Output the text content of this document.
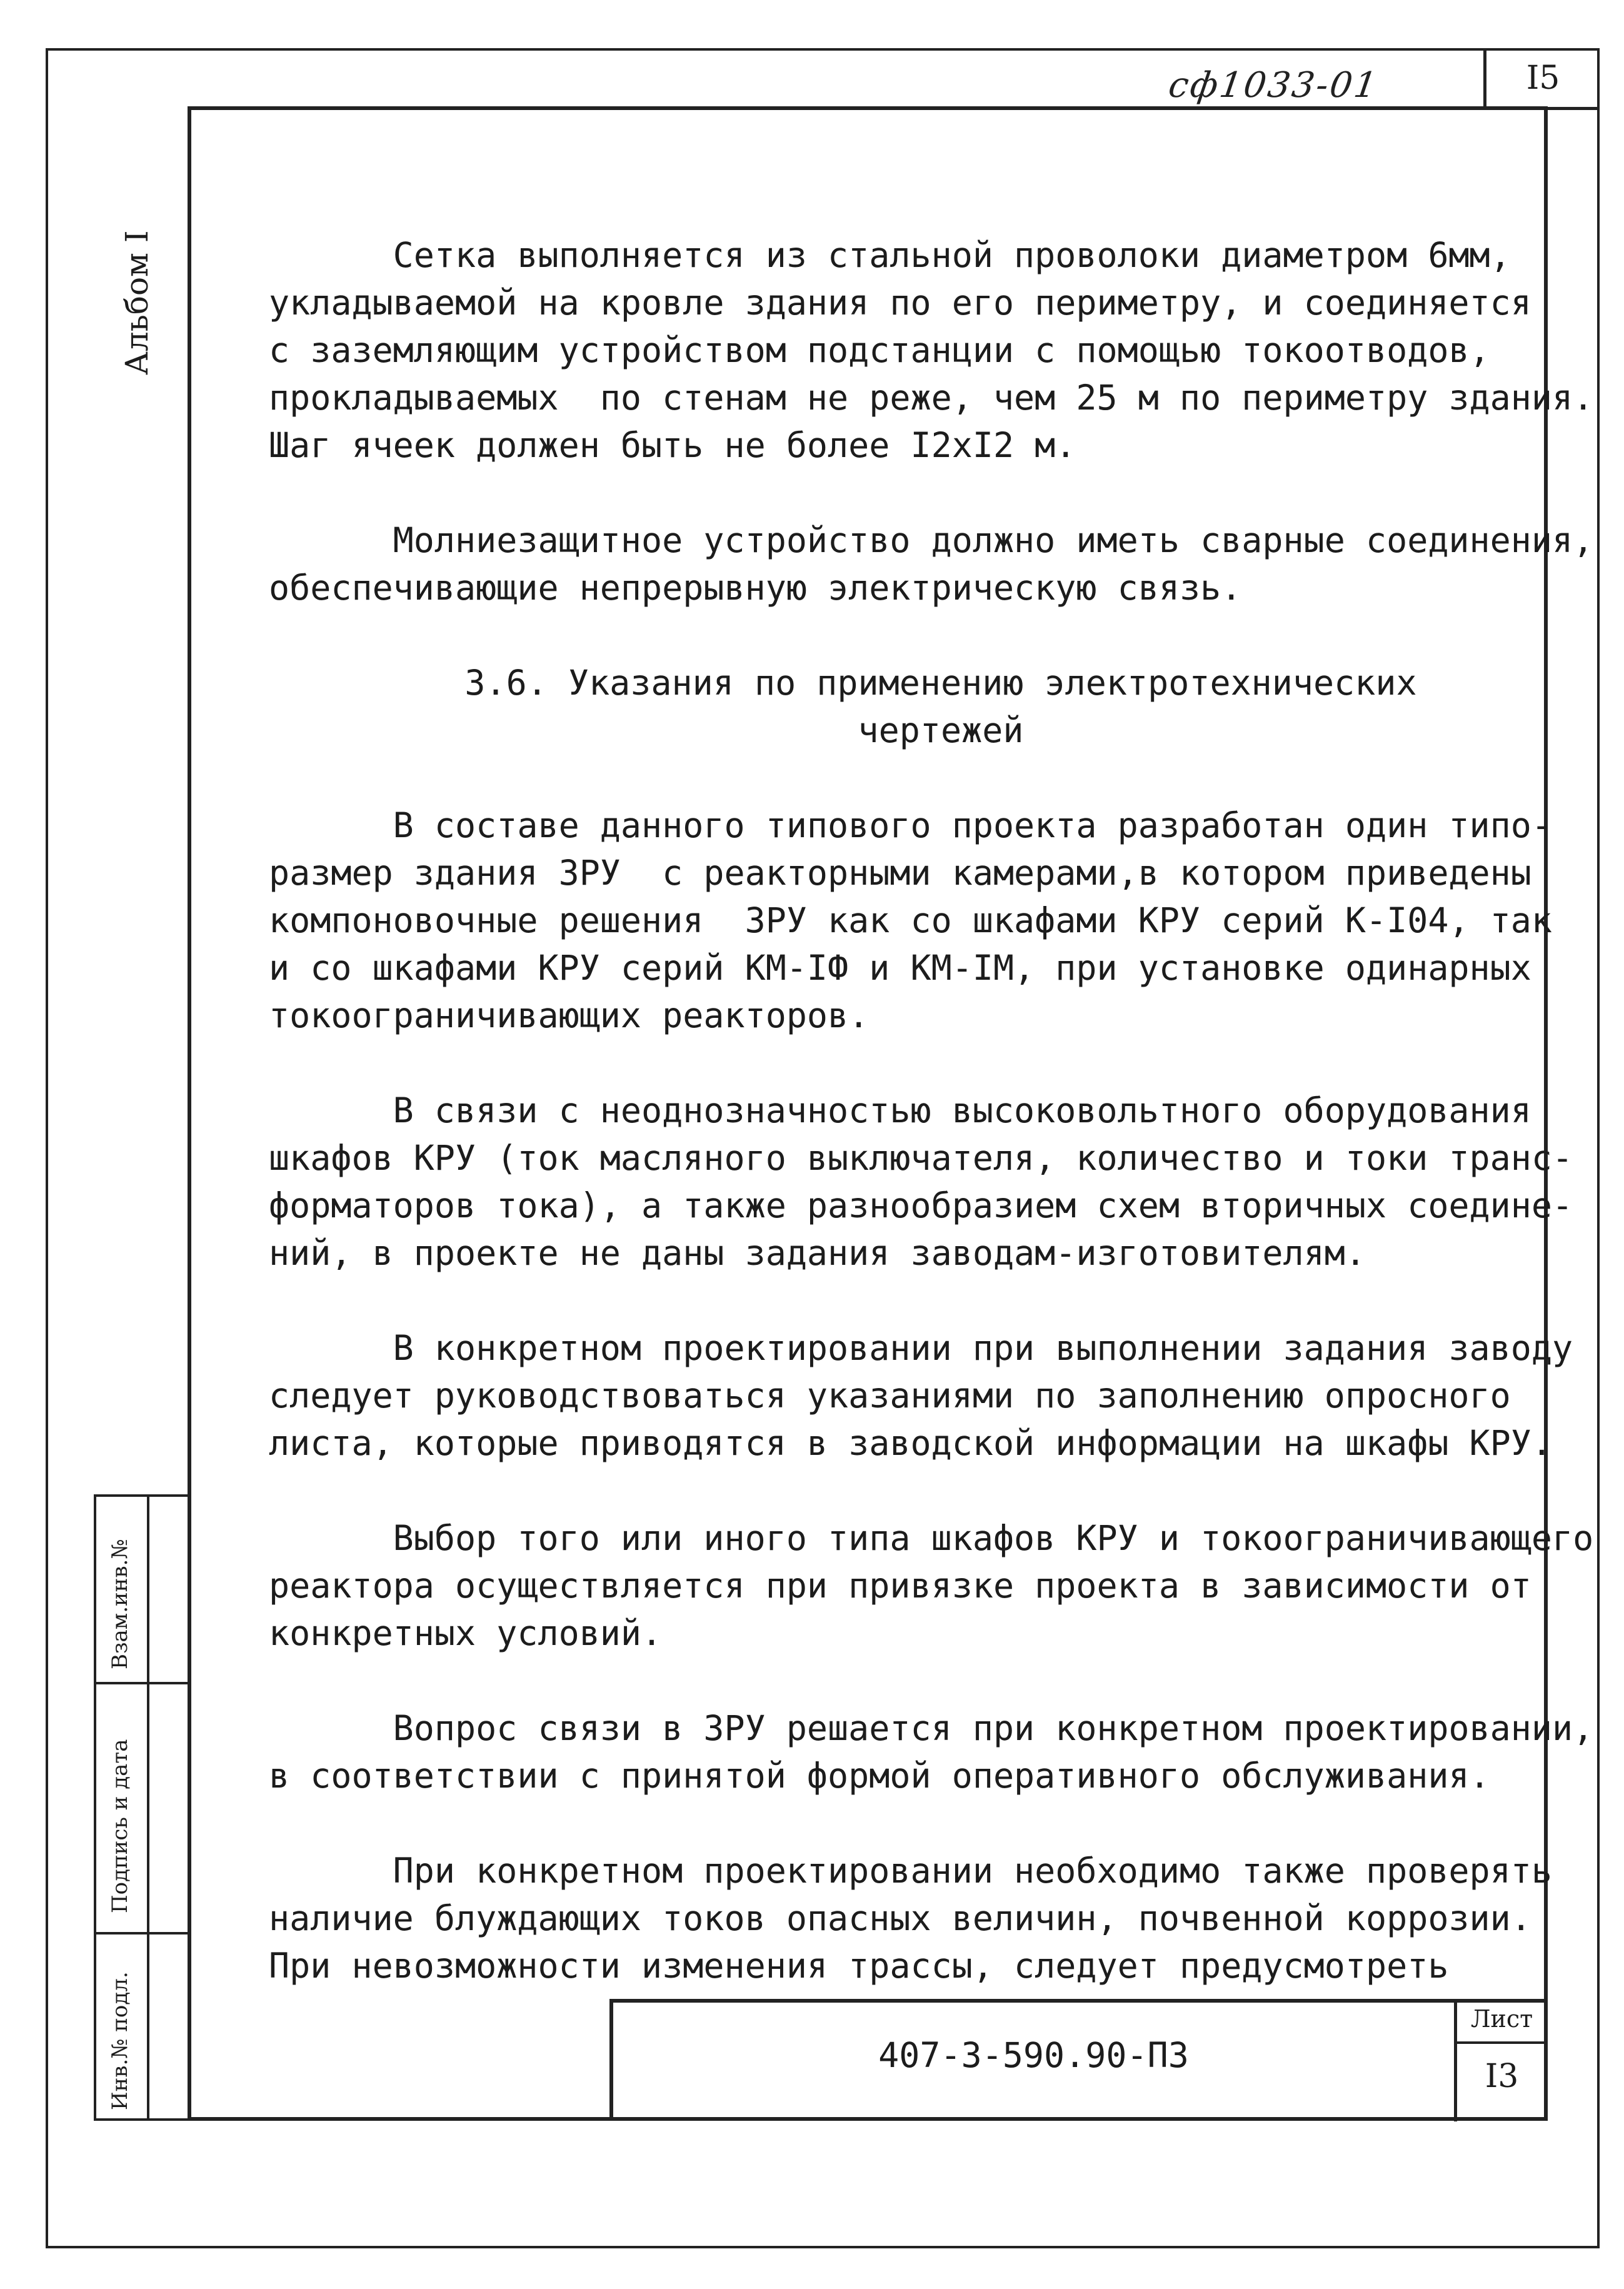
I5
сф1033-01
Альбом I
Взам.инв.№
Подпись и дата
Инв.№ подл.

Сетка выполняется из стальной проволоки диаметром 6мм,
укладываемой на кровле здания по его периметру, и соединяется
с заземляющим устройством подстанции с помощью токоотводов,
прокладываемых  по стенам не реже, чем 25 м по периметру здания.
Шаг ячеек должен быть не более I2хI2 м.

Молниезащитное устройство должно иметь сварные соединения,
обеспечивающие непрерывную электрическую связь.

3.6. Указания по применению электротехнических
чертежей

В составе данного типового проекта разработан один типо-
размер здания ЗРУ  с реакторными камерами,в котором приведены
компоновочные решения  ЗРУ как со шкафами КРУ серий К-I04, так
и со шкафами КРУ серий КМ-IФ и КМ-IМ, при установке одинарных
токоограничивающих реакторов.

В связи с неоднозначностью высоковольтного оборудования
шкафов КРУ (ток масляного выключателя, количество и токи транс-
форматоров тока), а также разнообразием схем вторичных соедине-
ний, в проекте не даны задания заводам-изготовителям.

В конкретном проектировании при выполнении задания заводу
следует руководствоваться указаниями по заполнению опросного
листа, которые приводятся в заводской информации на шкафы КРУ.

Выбор того или иного типа шкафов КРУ и токоограничивающего
реактора осуществляется при привязке проекта в зависимости от
конкретных условий.

Вопрос связи в ЗРУ решается при конкретном проектировании,
в соответствии с принятой формой оперативного обслуживания.

При конкретном проектировании необходимо также проверять
наличие блуждающих токов опасных величин, почвенной коррозии.
При невозможности изменения трассы, следует предусмотреть

407-3-590.90-ПЗ
Лист
I3
